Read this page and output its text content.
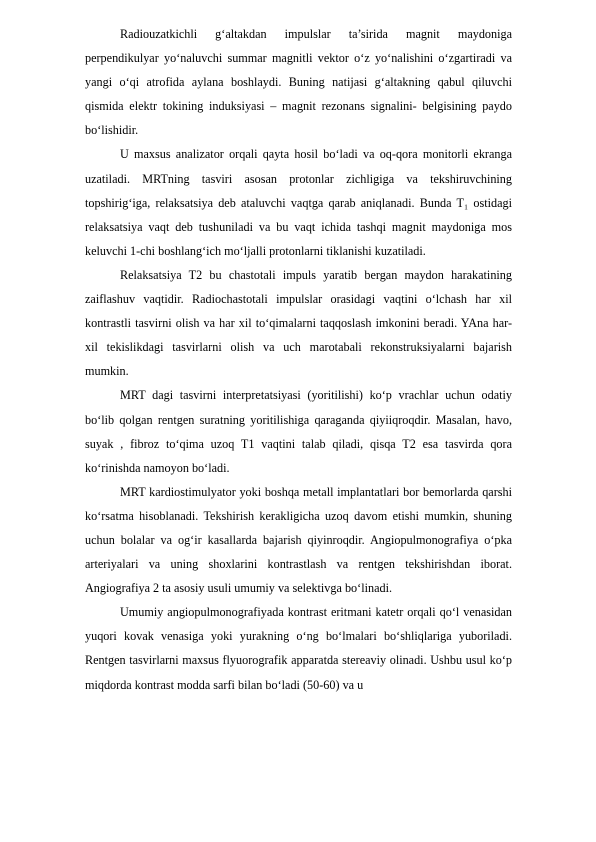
Radiouzatkichli g‘altakdan impulslar ta’sirida magnit maydoniga perpendikulyar yo‘naluvchi summar magnitli vektor o‘z yo‘nalishini o‘zgartiradi va yangi o‘qi atrofida aylana boshlaydi. Buning natijasi g‘altakning qabul qiluvchi qismida elektr tokining induksiyasi – magnit rezonans signalini- belgisining paydo bo‘lishidir.

U maxsus analizator orqali qayta hosil bo‘ladi va oq-qora monitorli ekranga uzatiladi. MRTning tasviri asosan protonlar zichligiga va tekshiruvchining topshirig‘iga, relaksatsiya deb ataluvchi vaqtga qarab aniqlanadi. Bunda T₁ ostidagi relaksatsiya vaqt deb tushuniladi va bu vaqt ichida tashqi magnit maydoniga mos keluvchi 1-chi boshlang‘ich mo‘ljalli protonlarni tiklanishi kuzatiladi.

Relaksatsiya T2 bu chastotali impuls yaratib bergan maydon harakatining zaiflashuv vaqtidir. Radiochastotali impulslar orasidagi vaqtini o‘lchash har xil kontrastli tasvirni olish va har xil to‘qimalarni taqqoslash imkonini beradi. YAna har-xil tekislikdagi tasvirlarni olish va uch marotabali rekonstruksiyalarni bajarish mumkin.

MRT dagi tasvirni interpretatsiyasi (yoritilishi) ko‘p vrachlar uchun odatiy bo‘lib qolgan rentgen suratning yoritilishiga qaraganda qiyiiqroqdir. Masalan, havo, suyak , fibroz to‘qima uzoq T1 vaqtini talab qiladi, qisqa T2 esa tasvirda qora ko‘rinishda namoyon bo‘ladi.

MRT kardiostimulyator yoki boshqa metall implantatlari bor bemorlarda qarshi ko‘rsatma hisoblanadi. Tekshirish kerakligicha uzoq davom etishi mumkin, shuning uchun bolalar va og‘ir kasallarda bajarish qiyinroqdir. Angiopulmonografiya o‘pka arteriyalari va uning shoxlarini kontrastlash va rentgen tekshirishdan iborat. Angiografiya 2 ta asosiy usuli umumiy va selektivga bo‘linadi.

Umumiy angiopulmonografiyada kontrast eritmani katetr orqali qo‘l venasidan yuqori kovak venasiga yoki yurakning o‘ng bo‘lmalari bo‘shliqlariga yuboriladi. Rentgen tasvirlarni maxsus flyuorografik apparatda stereaviy olinadi. Ushbu usul ko‘p miqdorda kontrast modda sarfi bilan bo‘ladi (50-60) va u
